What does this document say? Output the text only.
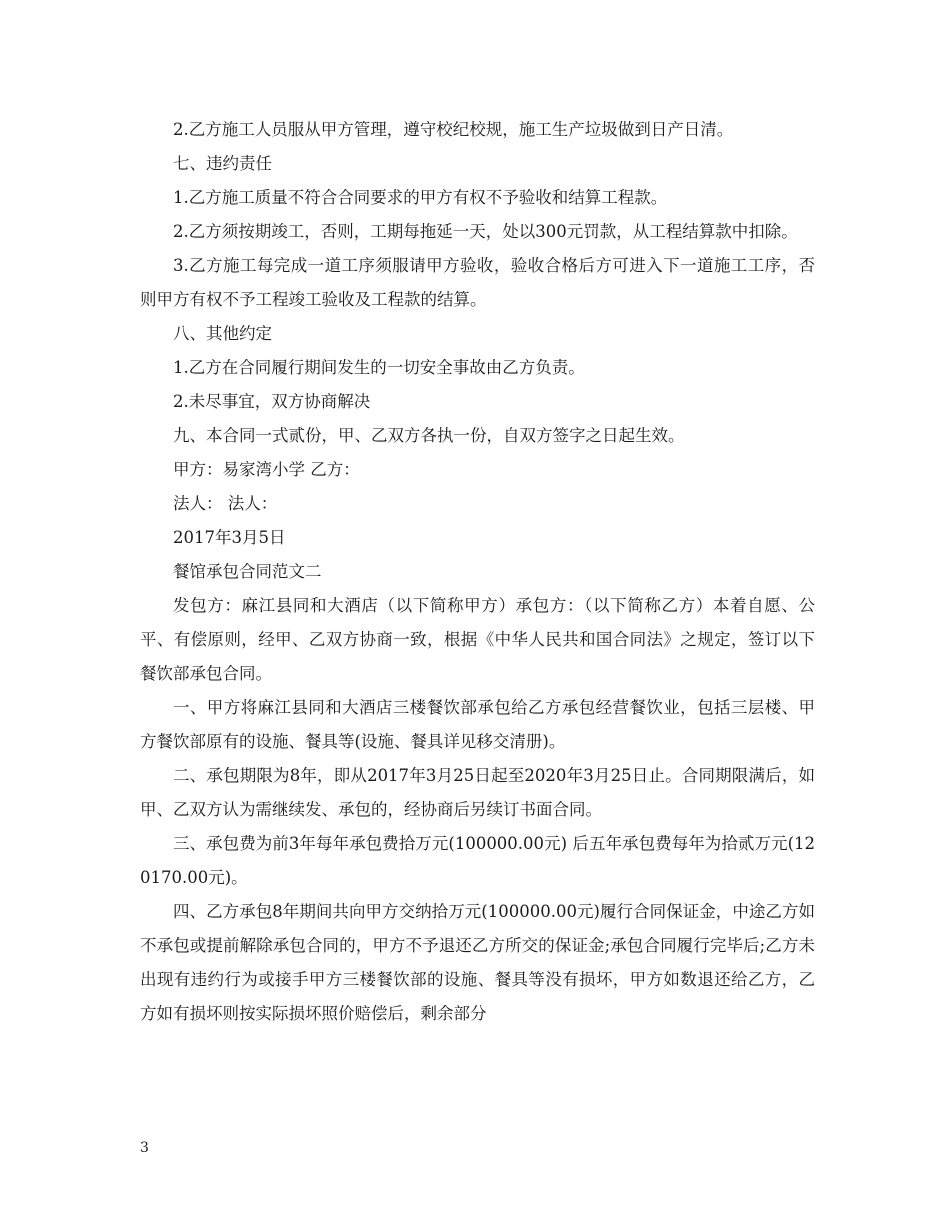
2.乙方施工人员服从甲方管理，遵守校纪校规，施工生产垃圾做到日产日清。

七、违约责任

1.乙方施工质量不符合合同要求的甲方有权不予验收和结算工程款。

2.乙方须按期竣工，否则，工期每拖延一天，处以300元罚款，从工程结算款中扣除。

3.乙方施工每完成一道工序须服请甲方验收，验收合格后方可进入下一道施工工序，否则甲方有权不予工程竣工验收及工程款的结算。

八、其他约定

1.乙方在合同履行期间发生的一切安全事故由乙方负责。

2.未尽事宜，双方协商解决

九、本合同一式贰份，甲、乙双方各执一份，自双方签字之日起生效。

甲方：易家湾小学 乙方：

法人： 法人：

2017年3月5日

餐馆承包合同范文二

发包方：麻江县同和大酒店（以下简称甲方）承包方：（以下简称乙方）本着自愿、公平、有偿原则，经甲、乙双方协商一致，根据《中华人民共和国合同法》之规定，签订以下餐饮部承包合同。

一、甲方将麻江县同和大酒店三楼餐饮部承包给乙方承包经营餐饮业，包括三层楼、甲方餐饮部原有的设施、餐具等(设施、餐具详见移交清册)。

二、承包期限为8年，即从2017年3月25日起至2020年3月25日止。合同期限满后，如甲、乙双方认为需继续发、承包的，经协商后另续订书面合同。

三、承包费为前3年每年承包费拾万元(100000.00元) 后五年承包费每年为拾贰万元(120170.00元)。

四、乙方承包8年期间共向甲方交纳拾万元(100000.00元)履行合同保证金，中途乙方如不承包或提前解除承包合同的，甲方不予退还乙方所交的保证金;承包合同履行完毕后;乙方未出现有违约行为或接手甲方三楼餐饮部的设施、餐具等没有损坏，甲方如数退还给乙方，乙方如有损坏则按实际损坏照价赔偿后，剩余部分

3
